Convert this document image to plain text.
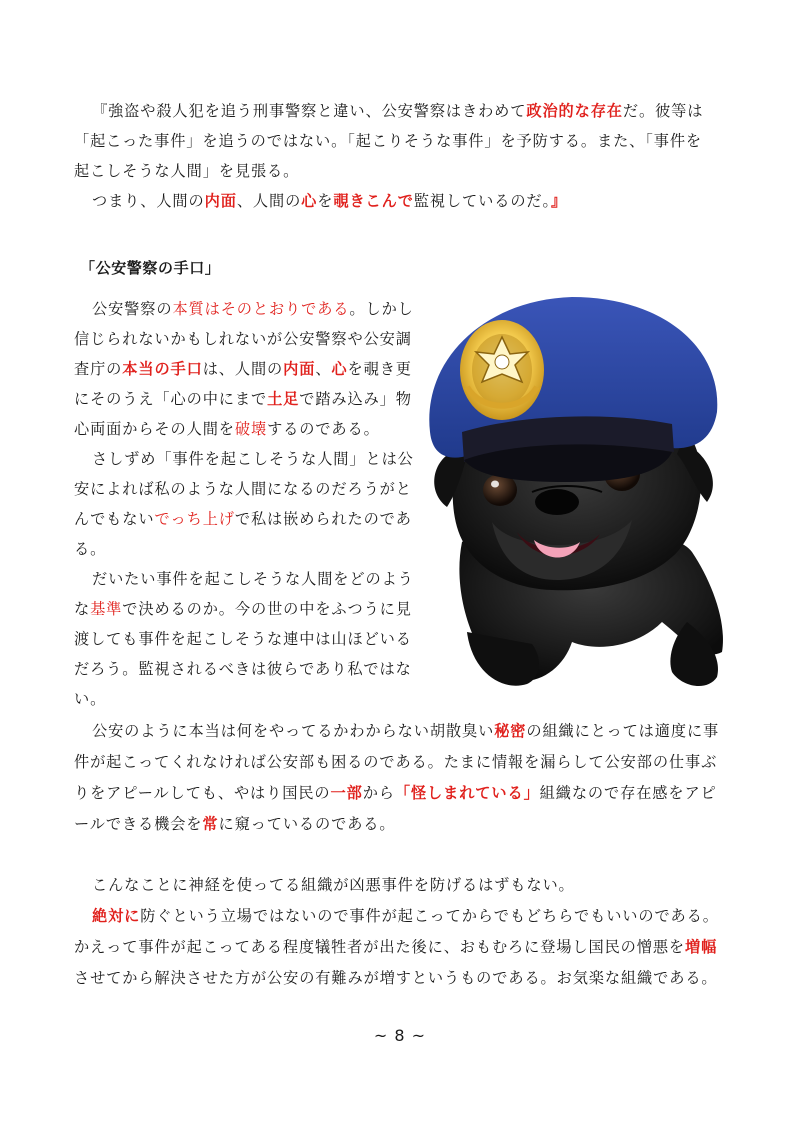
『強盗や殺人犯を追う刑事警察と違い、公安警察はきわめて政治的な存在だ。彼等は
「起こった事件」を追うのではない。「起こりそうな事件」を予防する。また、「事件を
起こしそうな人間」を見張る。
つまり、人間の内面、人間の心を覗きこんで監視しているのだ。』
「公安警察の手口」
公安警察の本質はそのとおりである。しかし
信じられないかもしれないが公安警察や公安調
査庁の本当の手口は、人間の内面、心を覗き更
にそのうえ「心の中にまで土足で踏み込み」物
心両面からその人間を破壊するのである。
さしずめ「事件を起こしそうな人間」とは公
安によれば私のような人間になるのだろうがと
んでもないでっち上げで私は嵌められたのであ
る。
だいたい事件を起こしそうな人間をどのよう
な基準で決めるのか。今の世の中をふつうに見
渡しても事件を起こしそうな連中は山ほどいる
だろう。監視されるべきは彼らであり私ではな
い。
公安のように本当は何をやってるかわからない胡散臭い秘密の組織にとっては適度に事
件が起こってくれなければ公安部も困るのである。たまに情報を漏らして公安部の仕事ぶ
りをアピールしても、やはり国民の一部から「怪しまれている」組織なので存在感をアピ
ールできる機会を常に窺っているのである。
こんなことに神経を使ってる組織が凶悪事件を防げるはずもない。
絶対に防ぐという立場ではないので事件が起こってからでもどちらでもいいのである。
かえって事件が起こってある程度犠牲者が出た後に、おもむろに登場し国民の憎悪を増幅
させてから解決させた方が公安の有難みが増すというものである。お気楽な組織である。
~ 8 ~
